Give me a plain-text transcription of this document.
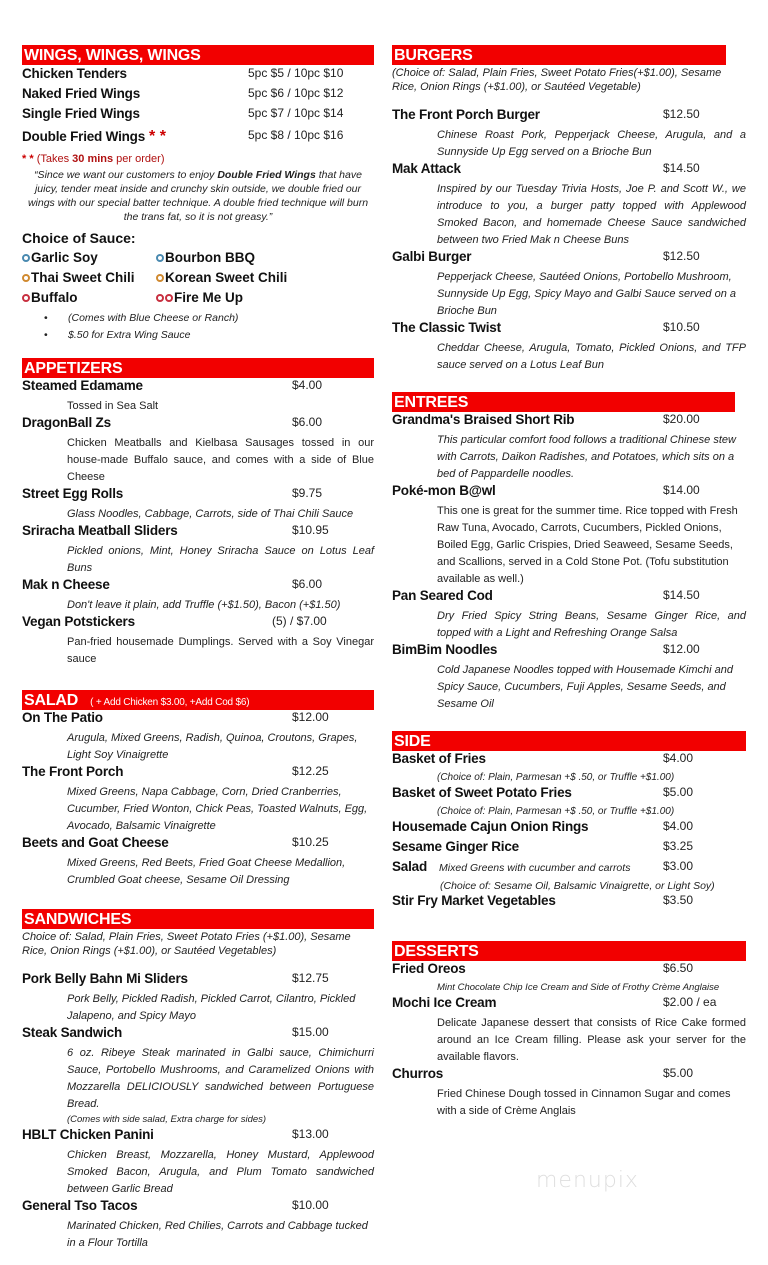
WINGS, WINGS, WINGS
Chicken Tenders	5pc $5 / 10pc $10
Naked Fried Wings	5pc $6 / 10pc $12
Single Fried Wings	5pc $7 / 10pc $14
Double Fried Wings * *	5pc $8 / 10pc $16
* * (Takes 30 mins per order)
“Since we want our customers to enjoy Double Fried Wings that have juicy, tender meat inside and crunchy skin outside, we double fried our wings with our special batter technique. A double fried technique will burn the trans fat, so it is not greasy.”
Choice of Sauce:
Garlic Soy	Bourbon BBQ
Thai Sweet Chili Korean Sweet Chili
Buffalo	Fire Me Up
• (Comes with Blue Cheese or Ranch)
• $.50 for Extra Wing Sauce
APPETIZERS
Steamed Edamame	$4.00
Tossed in Sea Salt
DragonBall Zs	$6.00
Chicken Meatballs and Kielbasa Sausages tossed in our house-made Buffalo sauce, and comes with a side of Blue Cheese
Street Egg Rolls	$9.75
Glass Noodles, Cabbage, Carrots, side of Thai Chili Sauce
Sriracha Meatball Sliders	$10.95
Pickled onions, Mint, Honey Sriracha Sauce on Lotus Leaf Buns
Mak n Cheese	$6.00
Don't leave it plain, add Truffle (+$1.50), Bacon (+$1.50)
Vegan Potstickers	(5) / $7.00
Pan-fried housemade Dumplings. Served with a Soy Vinegar sauce
SALAD ( + Add Chicken $3.00, +Add Cod $6)
On The Patio	$12.00
Arugula, Mixed Greens, Radish, Quinoa, Croutons, Grapes, Light Soy Vinaigrette
The Front Porch	$12.25
Mixed Greens, Napa Cabbage, Corn, Dried Cranberries, Cucumber, Fried Wonton, Chick Peas, Toasted Walnuts, Egg, Avocado, Balsamic Vinaigrette
Beets and Goat Cheese	$10.25
Mixed Greens, Red Beets, Fried Goat Cheese Medallion, Crumbled Goat cheese, Sesame Oil Dressing
SANDWICHES
Choice of: Salad, Plain Fries, Sweet Potato Fries (+$1.00), Sesame Rice, Onion Rings (+$1.00), or Sautéed Vegetables)
Pork Belly Bahn Mi Sliders	$12.75
Pork Belly, Pickled Radish, Pickled Carrot, Cilantro, Pickled Jalapeno, and Spicy Mayo
Steak Sandwich	$15.00
6 oz. Ribeye Steak marinated in Galbi sauce, Chimichurri Sauce, Portobello Mushrooms, and Caramelized Onions with Mozzarella DELICIOUSLY sandwiched between Portuguese Bread.
(Comes with side salad, Extra charge for sides)
HBLT Chicken Panini	$13.00
Chicken Breast, Mozzarella, Honey Mustard, Applewood Smoked Bacon, Arugula, and Plum Tomato sandwiched between Garlic Bread
General Tso Tacos	$10.00
Marinated Chicken, Red Chilies, Carrots and Cabbage tucked in a Flour Tortilla
BURGERS
(Choice of: Salad, Plain Fries, Sweet Potato Fries(+$1.00), Sesame Rice, Onion Rings (+$1.00), or Sautéed Vegetable)
The Front Porch Burger	$12.50
Chinese Roast Pork, Pepperjack Cheese, Arugula, and a Sunnyside Up Egg served on a Brioche Bun
Mak Attack	$14.50
Inspired by our Tuesday Trivia Hosts, Joe P. and Scott W., we introduce to you, a burger patty topped with Applewood Smoked Bacon, and homemade Cheese Sauce sandwiched between two Fried Mak n Cheese Buns
Galbi Burger	$12.50
Pepperjack Cheese, Sautéed Onions, Portobello Mushroom, Sunnyside Up Egg, Spicy Mayo and Galbi Sauce served on a Brioche Bun
The Classic Twist	$10.50
Cheddar Cheese, Arugula, Tomato, Pickled Onions, and TFP sauce served on a Lotus Leaf Bun
ENTREES
Grandma's Braised Short Rib	$20.00
This particular comfort food follows a traditional Chinese stew with Carrots, Daikon Radishes, and Potatoes, which sits on a bed of Pappardelle noodles.
Poké-mon B@wl	$14.00
This one is great for the summer time. Rice topped with Fresh Raw Tuna, Avocado, Carrots, Cucumbers, Pickled Onions, Boiled Egg, Garlic Crispies, Dried Seaweed, Sesame Seeds, and Scallions, served in a Cold Stone Pot. (Tofu substitution available as well.)
Pan Seared Cod	$14.50
Dry Fried Spicy String Beans, Sesame Ginger Rice, and topped with a Light and Refreshing Orange Salsa
BimBim Noodles	$12.00
Cold Japanese Noodles topped with Housemade Kimchi and Spicy Sauce, Cucumbers, Fuji Apples, Sesame Seeds, and Sesame Oil
SIDE
Basket of Fries	$4.00
(Choice of: Plain, Parmesan +$ .50, or Truffle +$1.00)
Basket of Sweet Potato Fries	$5.00
(Choice of: Plain, Parmesan +$ .50, or Truffle +$1.00)
Housemade Cajun Onion Rings	$4.00
Sesame Ginger Rice	$3.25
Salad Mixed Greens with cucumber and carrots	$3.00
(Choice of: Sesame Oil, Balsamic Vinaigrette, or Light Soy)
Stir Fry Market Vegetables	$3.50
DESSERTS
Fried Oreos	$6.50
Mint Chocolate Chip Ice Cream and Side of Frothy Crème Anglaise
Mochi Ice Cream	$2.00 / ea
Delicate Japanese dessert that consists of Rice Cake formed around an Ice Cream filling. Please ask your server for the available flavors.
Churros	$5.00
Fried Chinese Dough tossed in Cinnamon Sugar and comes with a side of Crème Anglais
menupix
